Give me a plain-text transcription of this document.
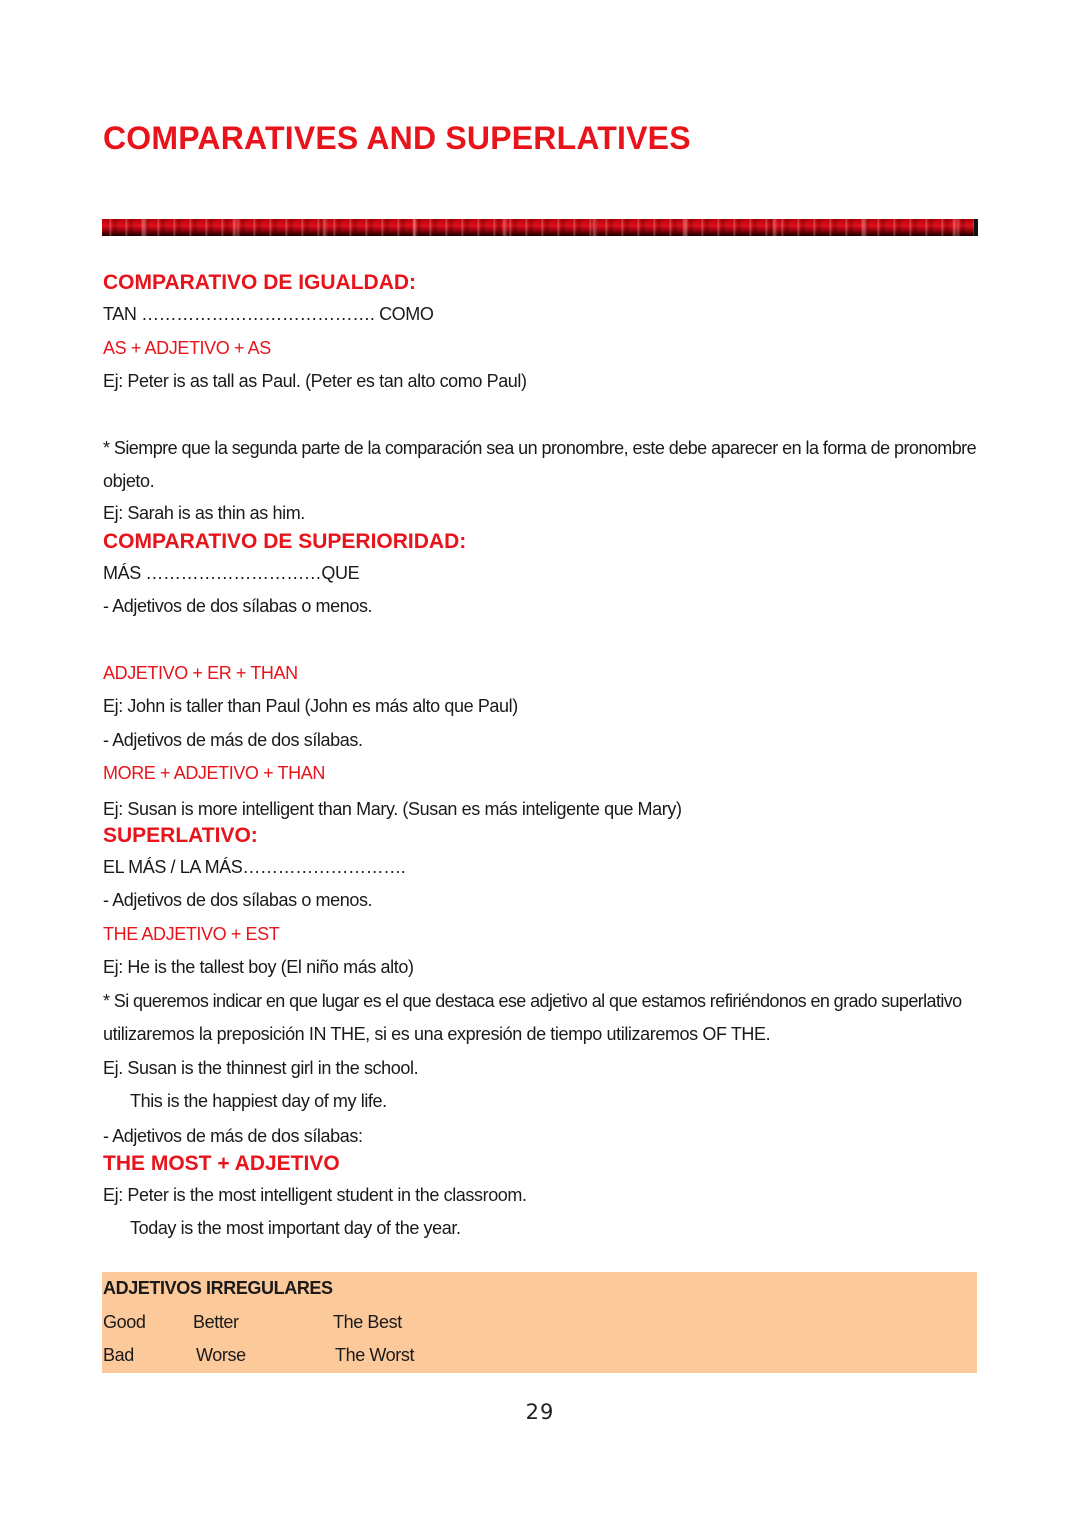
COMPARATIVES AND SUPERLATIVES

COMPARATIVO DE IGUALDAD:

TAN …………………………………. COMO

AS + ADJETIVO + AS

Ej: Peter is as tall as Paul. (Peter es tan alto como Paul)

* Siempre que la segunda parte de la comparación sea un pronombre, este debe aparecer en la forma de pronombre

objeto.

Ej: Sarah is as thin as him.

COMPARATIVO DE SUPERIORIDAD:

MÁS …………………………QUE

- Adjetivos de dos sílabas o menos.

ADJETIVO + ER + THAN

Ej: John is taller than Paul (John es más alto que Paul)

- Adjetivos de más de dos sílabas.

MORE + ADJETIVO + THAN

Ej: Susan is more intelligent than Mary. (Susan es más inteligente que Mary)

SUPERLATIVO:

EL MÁS / LA MÁS……………………….

- Adjetivos de dos sílabas o menos.

THE ADJETIVO + EST

Ej: He is the tallest boy (El niño más alto)

* Si queremos indicar en que lugar es el que destaca ese adjetivo al que estamos refiriéndonos en grado superlativo

utilizaremos la preposición IN THE, si es una expresión de tiempo utilizaremos OF THE.

Ej. Susan is the thinnest girl in the school.

This is the happiest day of my life.

- Adjetivos de más de dos sílabas:

THE MOST + ADJETIVO

Ej: Peter is the most intelligent student in the classroom.

Today is the most important day of the year.

ADJETIVOS IRREGULARES
Good	Better	The Best
Bad	Worse	The Worst
29
